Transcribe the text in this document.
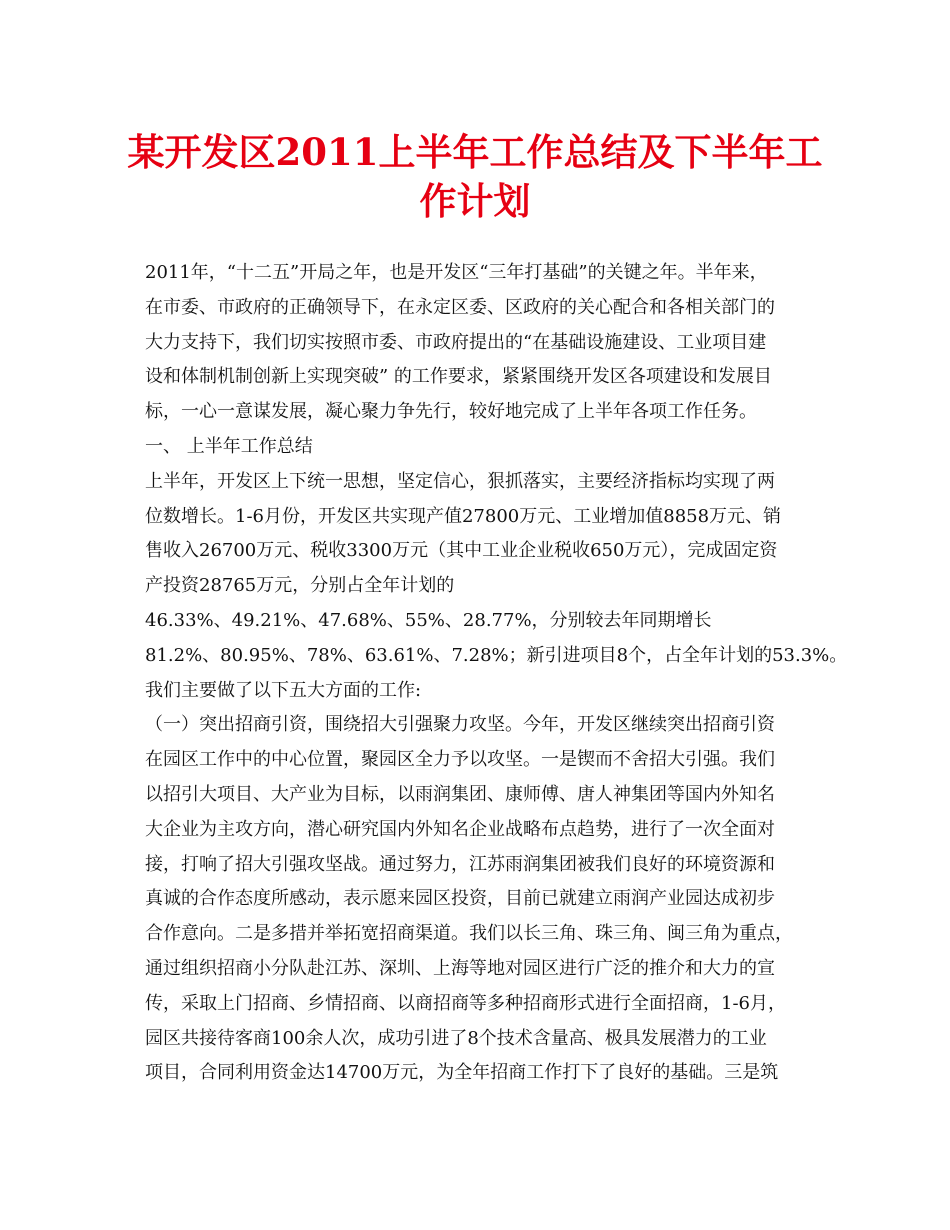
某开发区2011上半年工作总结及下半年工
作计划
2011年，“十二五”开局之年，也是开发区“三年打基础”的关键之年。半年来，
在市委、市政府的正确领导下，在永定区委、区政府的关心配合和各相关部门的
大力支持下，我们切实按照市委、市政府提出的“在基础设施建设、工业项目建
设和体制机制创新上实现突破” 的工作要求，紧紧围绕开发区各项建设和发展目
标，一心一意谋发展，凝心聚力争先行，较好地完成了上半年各项工作任务。
一、 上半年工作总结
上半年，开发区上下统一思想，坚定信心，狠抓落实，主要经济指标均实现了两
位数增长。1-6月份，开发区共实现产值27800万元、工业增加值8858万元、销
售收入26700万元、税收3300万元（其中工业企业税收650万元），完成固定资
产投资28765万元，分别占全年计划的
46.33%、49.21%、47.68%、55%、28.77%，分别较去年同期增长
81.2%、80.95%、78%、63.61%、7.28%；新引进项目8个，占全年计划的53.3%。
我们主要做了以下五大方面的工作:
（一）突出招商引资，围绕招大引强聚力攻坚。今年，开发区继续突出招商引资
在园区工作中的中心位置，聚园区全力予以攻坚。一是锲而不舍招大引强。我们
以招引大项目、大产业为目标，以雨润集团、康师傅、唐人神集团等国内外知名
大企业为主攻方向，潜心研究国内外知名企业战略布点趋势，进行了一次全面对
接，打响了招大引强攻坚战。通过努力，江苏雨润集团被我们良好的环境资源和
真诚的合作态度所感动，表示愿来园区投资，目前已就建立雨润产业园达成初步
合作意向。二是多措并举拓宽招商渠道。我们以长三角、珠三角、闽三角为重点，
通过组织招商小分队赴江苏、深圳、上海等地对园区进行广泛的推介和大力的宣
传，采取上门招商、乡情招商、以商招商等多种招商形式进行全面招商，1-6月，
园区共接待客商100余人次，成功引进了8个技术含量高、极具发展潜力的工业
项目，合同利用资金达14700万元，为全年招商工作打下了良好的基础。三是筑
